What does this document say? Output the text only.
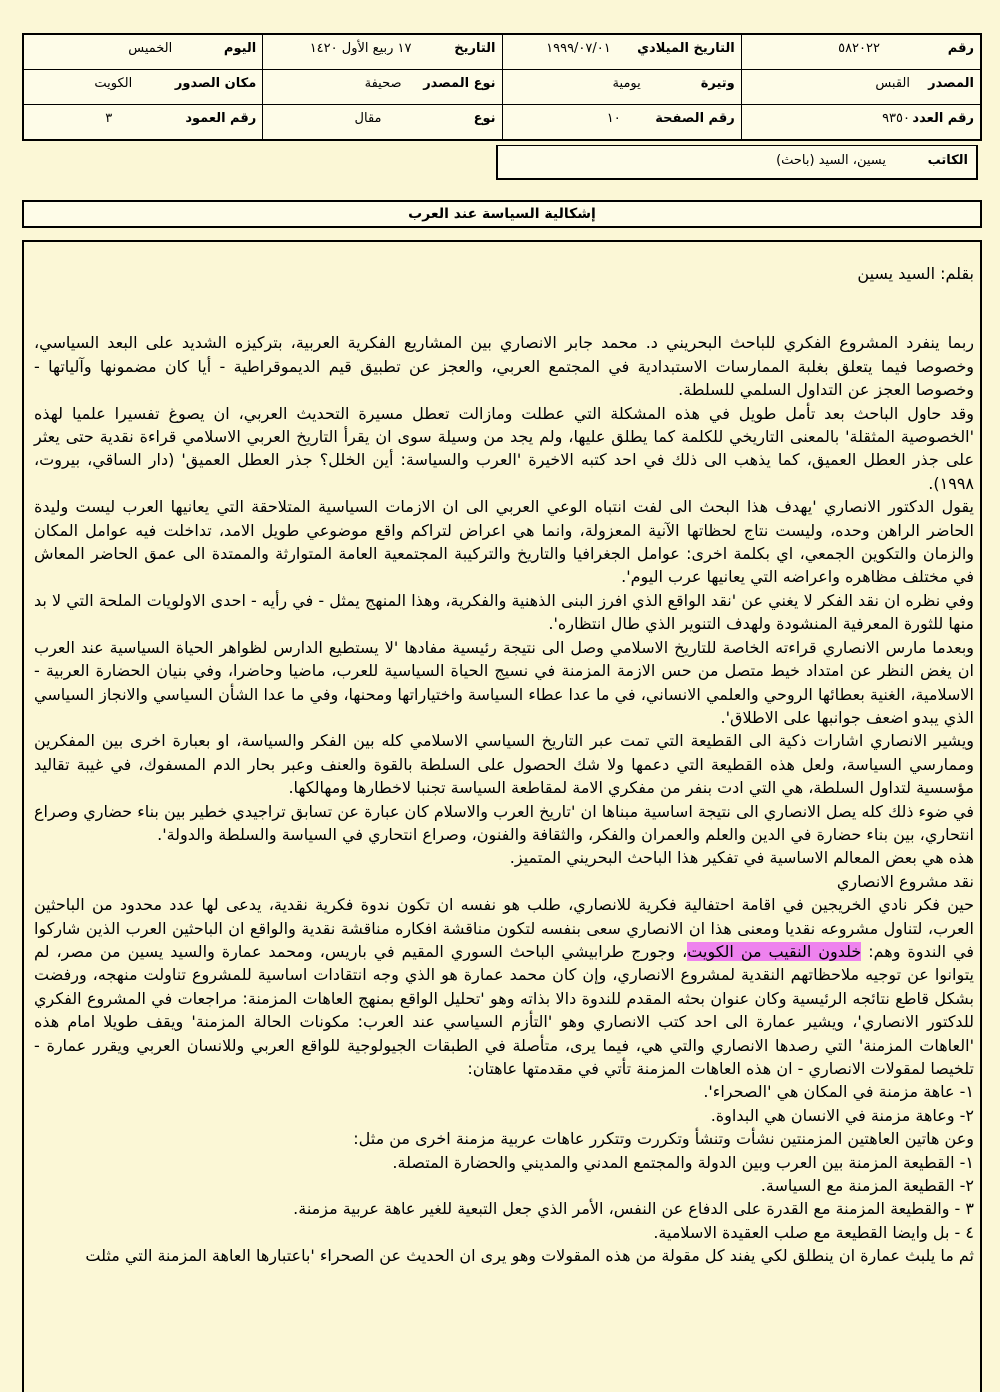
رقم
٥٨٢٠٢٢
التاريخ الميلادي
١٩٩٩/٠٧/٠١
التاريخ
١٧ ربيع الأول ١٤٢٠
اليوم
الخميس
المصدر
القبس
وتيرة
يومية
نوع المصدر
صحيفة
مكان الصدور
الكويت
رقم العدد
٩٣٥٠
رقم الصفحة
١٠
نوع
مقال
رقم العمود
٣
الكاتب
يسين، السيد (باحث)
إشكالية السياسة عند العرب

بقلم: السيد يسين

ربما ينفرد المشروع الفكري للباحث البحريني د. محمد جابر الانصاري بين المشاريع الفكرية العربية، بتركيزه الشديد على البعد السياسي، وخصوصا فيما يتعلق بغلبة الممارسات الاستبدادية في المجتمع العربي، والعجز عن تطبيق قيم الديموقراطية - أيا كان مضمونها وآلياتها - وخصوصا العجز عن التداول السلمي للسلطة.

وقد حاول الباحث بعد تأمل طويل في هذه المشكلة التي عطلت ومازالت تعطل مسيرة التحديث العربي، ان يصوغ تفسيرا علميا لهذه 'الخصوصية المثقلة' بالمعنى التاريخي للكلمة كما يطلق عليها، ولم يجد من وسيلة سوى ان يقرأ التاريخ العربي الاسلامي قراءة نقدية حتى يعثر على جذر العطل العميق، كما يذهب الى ذلك في احد كتبه الاخيرة 'العرب والسياسة: أين الخلل؟ جذر العطل العميق' (دار الساقي، بيروت، ١٩٩٨).

يقول الدكتور الانصاري 'يهدف هذا البحث الى لفت انتباه الوعي العربي الى ان الازمات السياسية المتلاحقة التي يعانيها العرب ليست وليدة الحاضر الراهن وحده، وليست نتاج لحظاتها الآنية المعزولة، وانما هي اعراض لتراكم واقع موضوعي طويل الامد، تداخلت فيه عوامل المكان والزمان والتكوين الجمعي، اي بكلمة اخرى: عوامل الجغرافيا والتاريخ والتركيبة المجتمعية العامة المتوارثة والممتدة الى عمق الحاضر المعاش في مختلف مظاهره واعراضه التي يعانيها عرب اليوم'.

وفي نظره ان نقد الفكر لا يغني عن 'نقد الواقع الذي افرز البنى الذهنية والفكرية، وهذا المنهج يمثل - في رأيه - احدى الاولويات الملحة التي لا بد منها للثورة المعرفية المنشودة ولهدف التنوير الذي طال انتظاره'.

وبعدما مارس الانصاري قراءته الخاصة للتاريخ الاسلامي وصل الى نتيجة رئيسية مفادها 'لا يستطيع الدارس لظواهر الحياة السياسية عند العرب ان يغض النظر عن امتداد خيط متصل من حس الازمة المزمنة في نسيج الحياة السياسية للعرب، ماضيا وحاضرا، وفي بنيان الحضارة العربية - الاسلامية، الغنية بعطائها الروحي والعلمي الانساني، في ما عدا عطاء السياسة واختياراتها ومحنها، وفي ما عدا الشأن السياسي والانجاز السياسي الذي يبدو اضعف جوانبها على الاطلاق'.

ويشير الانصاري اشارات ذكية الى القطيعة التي تمت عبر التاريخ السياسي الاسلامي كله بين الفكر والسياسة، او بعبارة اخرى بين المفكرين وممارسي السياسة، ولعل هذه القطيعة التي دعمها ولا شك الحصول على السلطة بالقوة والعنف وعبر بحار الدم المسفوك، في غيبة تقاليد مؤسسية لتداول السلطة، هي التي ادت بنفر من مفكري الامة لمقاطعة السياسة تجنبا لاخطارها ومهالكها.

في ضوء ذلك كله يصل الانصاري الى نتيجة اساسية مبناها ان 'تاريخ العرب والاسلام كان عبارة عن تسابق تراجيدي خطير بين بناء حضاري وصراع انتحاري، بين بناء حضارة في الدين والعلم والعمران والفكر، والثقافة والفنون، وصراع انتحاري في السياسة والسلطة والدولة'.

هذه هي بعض المعالم الاساسية في تفكير هذا الباحث البحريني المتميز.

نقد مشروع الانصاري

حين فكر نادي الخريجين في اقامة احتفالية فكرية للانصاري، طلب هو نفسه ان تكون ندوة فكرية نقدية، يدعى لها عدد محدود من الباحثين العرب، لتناول مشروعه نقديا ومعنى هذا ان الانصاري سعى بنفسه لتكون مناقشة افكاره مناقشة نقدية والواقع ان الباحثين العرب الذين شاركوا في الندوة وهم: خلدون النقيب من الكويت، وجورج طرابيشي الباحث السوري المقيم في باريس، ومحمد عمارة والسيد يسين من مصر، لم يتوانوا عن توجيه ملاحظاتهم النقدية لمشروع الانصاري، وإن كان محمد عمارة هو الذي وجه انتقادات اساسية للمشروع تناولت منهجه، ورفضت بشكل قاطع نتائجه الرئيسية وكان عنوان بحثه المقدم للندوة دالا بذاته وهو 'تحليل الواقع بمنهج العاهات المزمنة: مراجعات في المشروع الفكري للدكتور الانصاري'، ويشير عمارة الى احد كتب الانصاري وهو 'التأزم السياسي عند العرب: مكونات الحالة المزمنة' ويقف طويلا امام هذه 'العاهات المزمنة' التي رصدها الانصاري والتي هي، فيما يرى، متأصلة في الطبقات الجيولوجية للواقع العربي وللانسان العربي ويقرر عمارة - تلخيصا لمقولات الانصاري - ان هذه العاهات المزمنة تأتي في مقدمتها عاهتان:

١- عاهة مزمنة في المكان هي 'الصحراء'.

٢- وعاهة مزمنة في الانسان هي البداوة.

وعن هاتين العاهتين المزمنتين نشأت وتنشأ وتكررت وتتكرر عاهات عربية مزمنة اخرى من مثل:

١- القطيعة المزمنة بين العرب وبين الدولة والمجتمع المدني والمديني والحضارة المتصلة.

٢- القطيعة المزمنة مع السياسة.

٣ - والقطيعة المزمنة مع القدرة على الدفاع عن النفس، الأمر الذي جعل التبعية للغير عاهة عربية مزمنة.

٤ - بل وايضا القطيعة مع صلب العقيدة الاسلامية.

ثم ما يلبث عمارة ان ينطلق لكي يفند كل مقولة من هذه المقولات وهو يرى ان الحديث عن الصحراء 'باعتبارها العاهة المزمنة التي مثلت
